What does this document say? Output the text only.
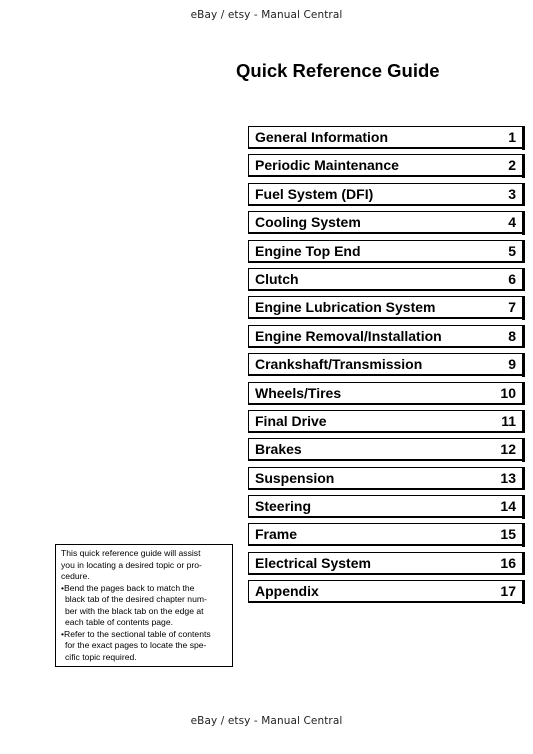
eBay / etsy - Manual Central
Quick Reference Guide
General Information	1
Periodic Maintenance	2
Fuel System (DFI)	3
Cooling System	4
Engine Top End	5
Clutch	6
Engine Lubrication System	7
Engine Removal/Installation	8
Crankshaft/Transmission	9
Wheels/Tires	10
Final Drive	11
Brakes	12
Suspension	13
Steering	14
Frame	15
Electrical System	16
Appendix	17
This quick reference guide will assist
you in locating a desired topic or pro-
cedure.
•Bend the pages back to match the
black tab of the desired chapter num-
ber with the black tab on the edge at
each table of contents page.
•Refer to the sectional table of contents
for the exact pages to locate the spe-
cific topic required.
eBay / etsy - Manual Central
